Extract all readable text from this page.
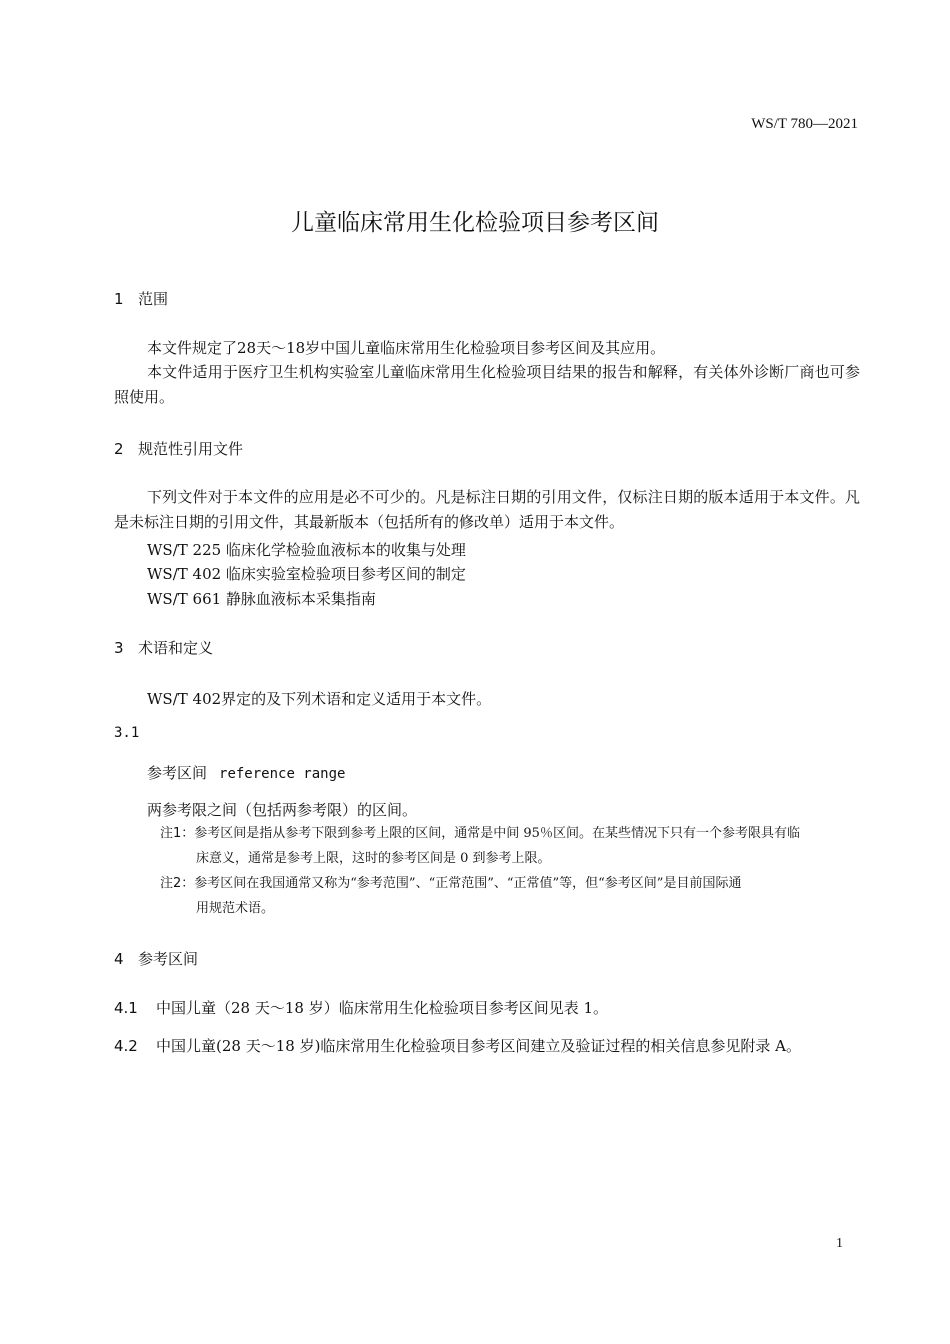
WS/T 780—2021
儿童临床常用生化检验项目参考区间
1 范围
本文件规定了28天～18岁中国儿童临床常用生化检验项目参考区间及其应用。
本文件适用于医疗卫生机构实验室儿童临床常用生化检验项目结果的报告和解释，有关体外诊断厂商也可参照使用。
2 规范性引用文件
下列文件对于本文件的应用是必不可少的。凡是标注日期的引用文件，仅标注日期的版本适用于本文件。凡是未标注日期的引用文件，其最新版本（包括所有的修改单）适用于本文件。
WS/T 225 临床化学检验血液标本的收集与处理
WS/T 402 临床实验室检验项目参考区间的制定
WS/T 661 静脉血液标本采集指南
3 术语和定义
WS/T 402界定的及下列术语和定义适用于本文件。
3.1
参考区间 reference range
两参考限之间（包括两参考限）的区间。
注1：参考区间是指从参考下限到参考上限的区间，通常是中间 95％区间。在某些情况下只有一个参考限具有临
床意义，通常是参考上限，这时的参考区间是 0 到参考上限。
注2：参考区间在我国通常又称为“参考范围”、“正常范围”、“正常值”等，但“参考区间”是目前国际通
用规范术语。
4 参考区间
4.1 中国儿童（28 天～18 岁）临床常用生化检验项目参考区间见表 1。
4.2 中国儿童(28 天～18 岁)临床常用生化检验项目参考区间建立及验证过程的相关信息参见附录 A。
1
